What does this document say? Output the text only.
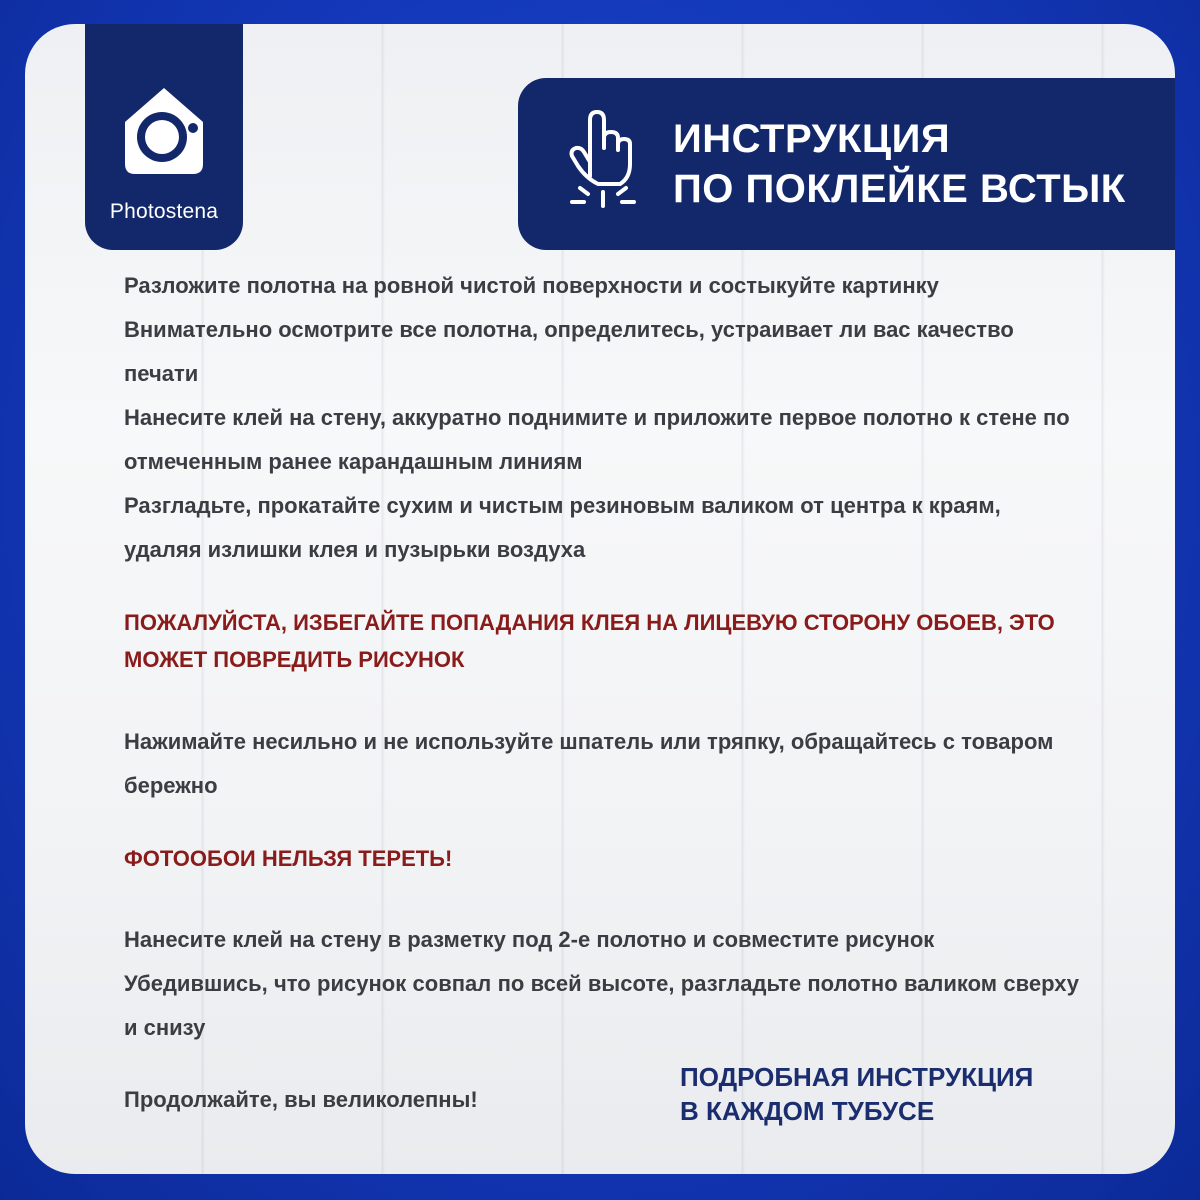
Photostena
ИНСТРУКЦИЯ
ПО ПОКЛЕЙКЕ ВСТЫК

Разложите полотна на ровной чистой поверхности и состыкуйте картинку

Внимательно осмотрите все полотна, определитесь, устраивает ли вас качество печати

Нанесите клей на стену, аккуратно поднимите и приложите первое полотно к стене по отмеченным ранее карандашным линиям

Разгладьте, прокатайте сухим и чистым резиновым валиком от центра к краям, удаляя излишки клея и пузырьки воздуха

ПОЖАЛУЙСТА, ИЗБЕГАЙТЕ ПОПАДАНИЯ КЛЕЯ НА ЛИЦЕВУЮ СТОРОНУ ОБОЕВ, ЭТО МОЖЕТ ПОВРЕДИТЬ РИСУНОК

Нажимайте несильно и не используйте шпатель или тряпку, обращайтесь с товаром бережно

ФОТООБОИ НЕЛЬЗЯ ТЕРЕТЬ!

Нанесите клей на стену в разметку под 2-е полотно и совместите рисунок

Убедившись, что рисунок совпал по всей высоте, разгладьте полотно валиком сверху и снизу

Продолжайте, вы великолепны!

ПОДРОБНАЯ ИНСТРУКЦИЯ
В КАЖДОМ ТУБУСЕ
